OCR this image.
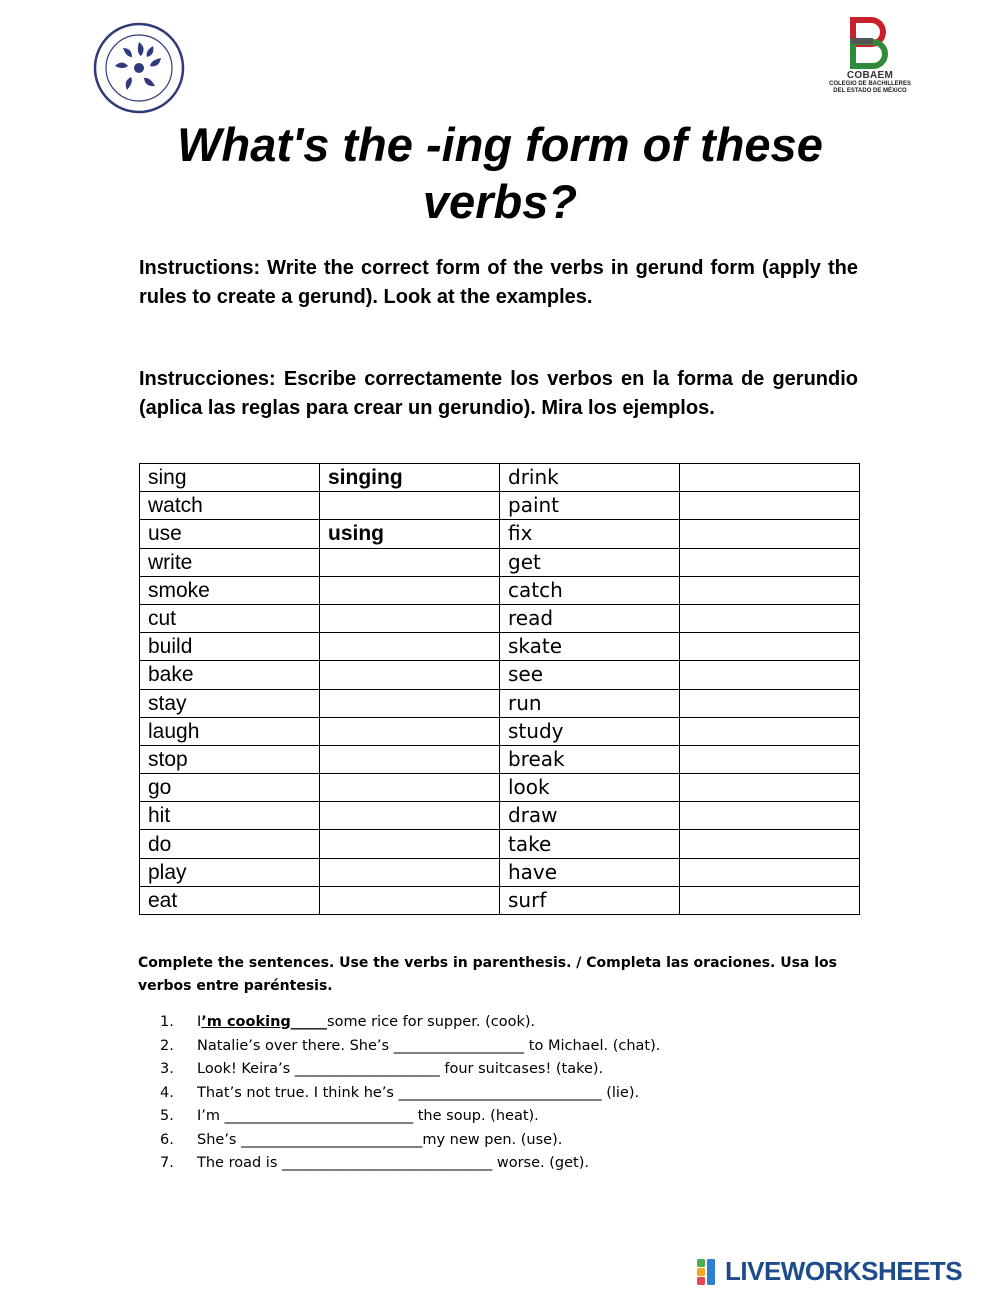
COBAEM
COLEGIO DE BACHILLERES
DEL ESTADO DE MÉXICO
What's the -ing form of these verbs?

Instructions: Write the correct form of the verbs in gerund form (apply the rules to create a gerund). Look at the examples.

Instrucciones: Escribe correctamente los verbos en la forma de gerundio (aplica las reglas para crear un gerundio). Mira los ejemplos.

sing	singing	drink	
watch		paint	
use	using	fix	
write		get	
smoke		catch	
cut		read	
build		skate	
bake		see	
stay		run	
laugh		study	
stop		break	
go		look	
hit		draw	
do		take	
play		have	
eat		surf	

Complete the sentences. Use the verbs in parenthesis. / Completa las oraciones. Usa los verbos entre paréntesis.

1. I’m cooking_____some rice for supper. (cook).
2. Natalie’s over there. She’s __________________ to Michael. (chat).
3. Look! Keira’s ____________________ four suitcases! (take).
4. That’s not true. I think he’s ____________________________ (lie).
5. I’m __________________________ the soup. (heat).
6. She’s _________________________my new pen. (use).
7. The road is _____________________________ worse. (get).
LIVEWORKSHEETS
